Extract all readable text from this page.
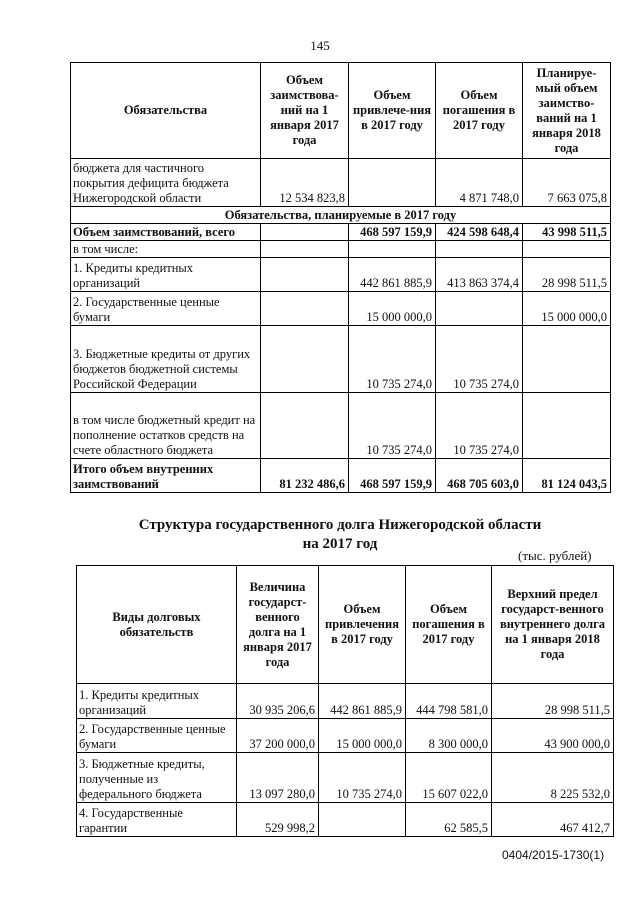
145
Обязательства	Объем заимствова-ний на 1 января 2017 года	Объем привлече-ния в 2017 году	Объем погашения в 2017 году	Планируе-мый объем заимство-ваний на 1 января 2018 года
бюджета для частичного покрытия дефицита бюджета Нижегородской области	12 534 823,8		4 871 748,0	7 663 075,8
Обязательства, планируемые в 2017 году				
Объем заимствований, всего		468 597 159,9	424 598 648,4	43 998 511,5
в том числе:				
1. Кредиты кредитных организаций		442 861 885,9	413 863 374,4	28 998 511,5
2. Государственные ценные бумаги		15 000 000,0		15 000 000,0
3. Бюджетные кредиты от других бюджетов бюджетной системы Российской Федерации		10 735 274,0	10 735 274,0	
в том числе бюджетный кредит на пополнение остатков средств на счете областного бюджета		10 735 274,0	10 735 274,0	
Итого объем внутренних заимствований	81 232 486,6	468 597 159,9	468 705 603,0	81 124 043,5
Структура государственного долга Нижегородской области
на 2017 год
(тыс. рублей)
Виды долговых обязательств	Величина государст-венного долга на 1 января 2017 года	Объем привлечения в 2017 году	Объем погашения в 2017 году	Верхний предел государст-венного внутреннего долга на 1 января 2018 года
1. Кредиты кредитных организаций	30 935 206,6	442 861 885,9	444 798 581,0	28 998 511,5
2. Государственные ценные бумаги	37 200 000,0	15 000 000,0	8 300 000,0	43 900 000,0
3. Бюджетные кредиты, полученные из федерального бюджета	13 097 280,0	10 735 274,0	15 607 022,0	8 225 532,0
4. Государственные гарантии	529 998,2		62 585,5	467 412,7
0404/2015-1730(1)
